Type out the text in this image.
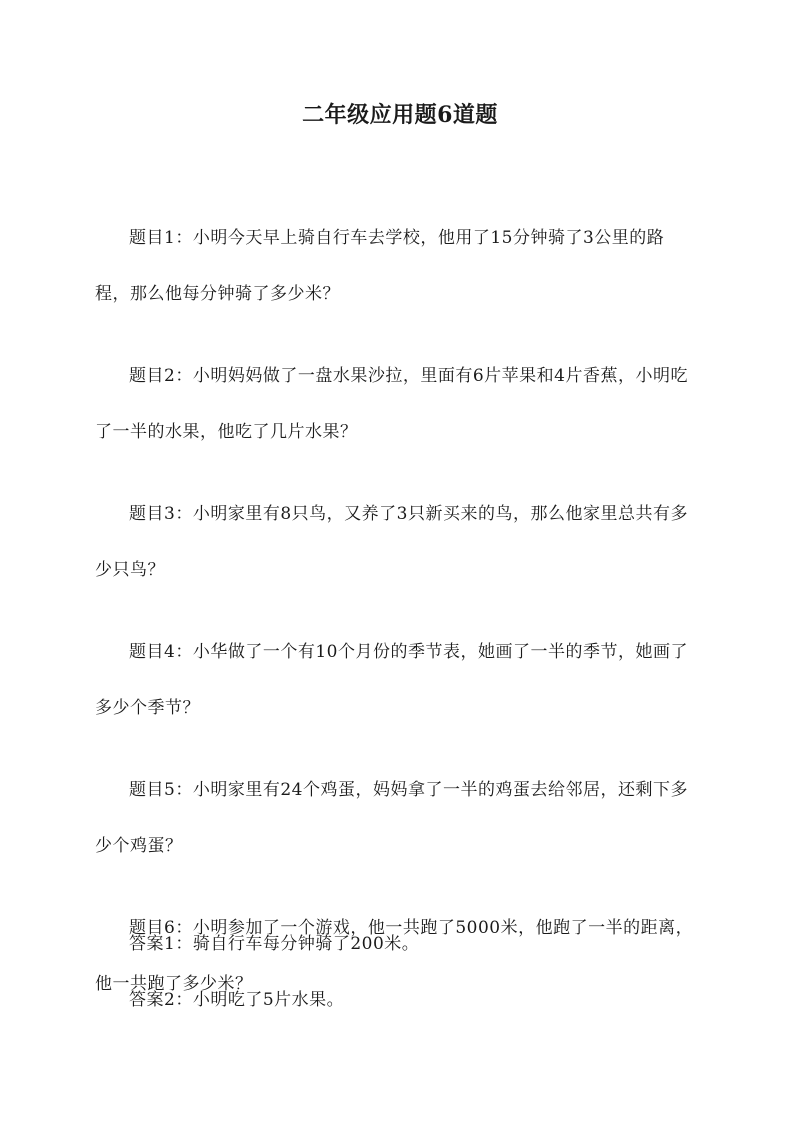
二年级应用题6道题

题目1：小明今天早上骑自行车去学校，他用了15分钟骑了3公里的路程，那么他每分钟骑了多少米？

题目2：小明妈妈做了一盘水果沙拉，里面有6片苹果和4片香蕉，小明吃了一半的水果，他吃了几片水果？

题目3：小明家里有8只鸟，又养了3只新买来的鸟，那么他家里总共有多少只鸟？

题目4：小华做了一个有10个月份的季节表，她画了一半的季节，她画了多少个季节？

题目5：小明家里有24个鸡蛋，妈妈拿了一半的鸡蛋去给邻居，还剩下多少个鸡蛋？

题目6：小明参加了一个游戏，他一共跑了5000米，他跑了一半的距离，他一共跑了多少米？

答案1：骑自行车每分钟骑了200米。

答案2：小明吃了5片水果。
